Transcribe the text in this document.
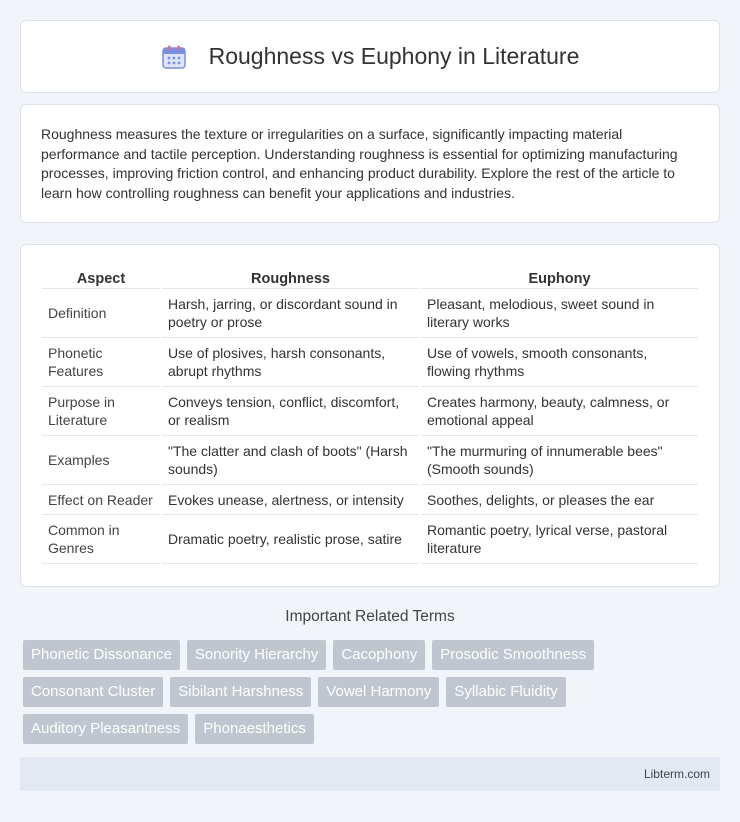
Roughness vs Euphony in Literature

Roughness measures the texture or irregularities on a surface, significantly impacting material performance and tactile perception. Understanding roughness is essential for optimizing manufacturing processes, improving friction control, and enhancing product durability. Explore the rest of the article to learn how controlling roughness can benefit your applications and industries.

Aspect	Roughness	Euphony
Definition	Harsh, jarring, or discordant sound in poetry or prose	Pleasant, melodious, sweet sound in literary works
Phonetic Features	Use of plosives, harsh consonants, abrupt rhythms	Use of vowels, smooth consonants, flowing rhythms
Purpose in Literature	Conveys tension, conflict, discomfort, or realism	Creates harmony, beauty, calmness, or emotional appeal
Examples	"The clatter and clash of boots" (Harsh sounds)	"The murmuring of innumerable bees" (Smooth sounds)
Effect on Reader	Evokes unease, alertness, or intensity	Soothes, delights, or pleases the ear
Common in Genres	Dramatic poetry, realistic prose, satire	Romantic poetry, lyrical verse, pastoral literature
Important Related Terms
Phonetic Dissonance	Sonority Hierarchy	Cacophony	Prosodic Smoothness
Consonant Cluster	Sibilant Harshness	Vowel Harmony	Syllabic Fluidity
Auditory Pleasantness	Phonaesthetics
Libterm.com
